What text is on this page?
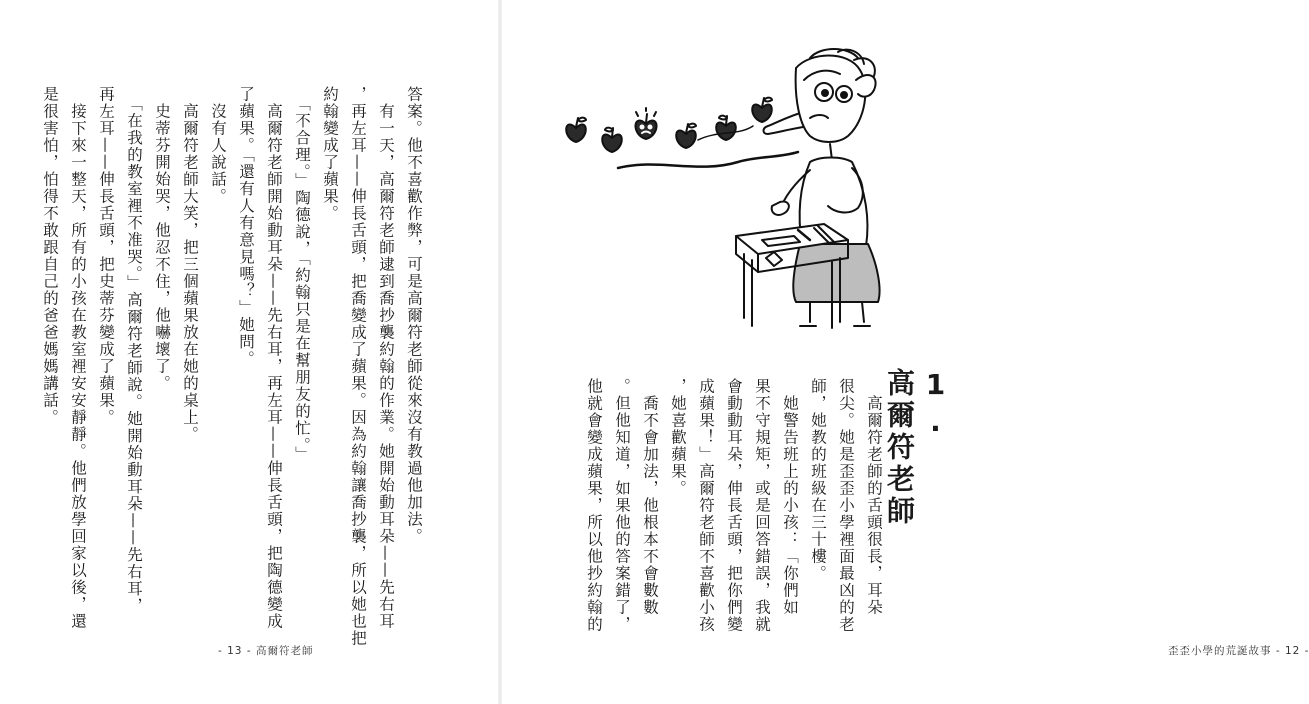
答案。他不喜歡作弊，可是高爾符老師從來沒有教過他加法。

　有一天，高爾符老師逮到喬抄襲約翰的作業。她開始動耳朵——先右耳

，再左耳——伸長舌頭，把喬變成了蘋果。因為約翰讓喬抄襲，所以她也把

約翰變成了蘋果。

　「不合理。」陶德說，「約翰只是在幫朋友的忙。」

　高爾符老師開始動耳朵——先右耳，再左耳——伸長舌頭，把陶德變成

了蘋果。「還有人有意見嗎？」她問。

　沒有人說話。

　高爾符老師大笑，把三個蘋果放在她的桌上。

　史蒂芬開始哭，他忍不住，他嚇壞了。

　「在我的教室裡不准哭。」高爾符老師說。她開始動耳朵——先右耳，

再左耳——伸長舌頭，把史蒂芬變成了蘋果。

　接下來一整天，所有的小孩在教室裡安安靜靜。他們放學回家以後，還

是很害怕，怕得不敢跟自己的爸爸媽媽講話。

- 13 - 高爾符老師
1.
高爾符老師

　高爾符老師的舌頭很長，耳朵

很尖。她是歪歪小學裡面最凶的老

師，她教的班級在三十樓。

　她警告班上的小孩：「你們如

果不守規矩，或是回答錯誤，我就

會動動耳朵，伸長舌頭，把你們變

成蘋果！」高爾符老師不喜歡小孩

，她喜歡蘋果。

　喬不會加法，他根本不會數數

。但他知道，如果他的答案錯了，

他就會變成蘋果，所以他抄約翰的

歪歪小學的荒誕故事 - 12 -
